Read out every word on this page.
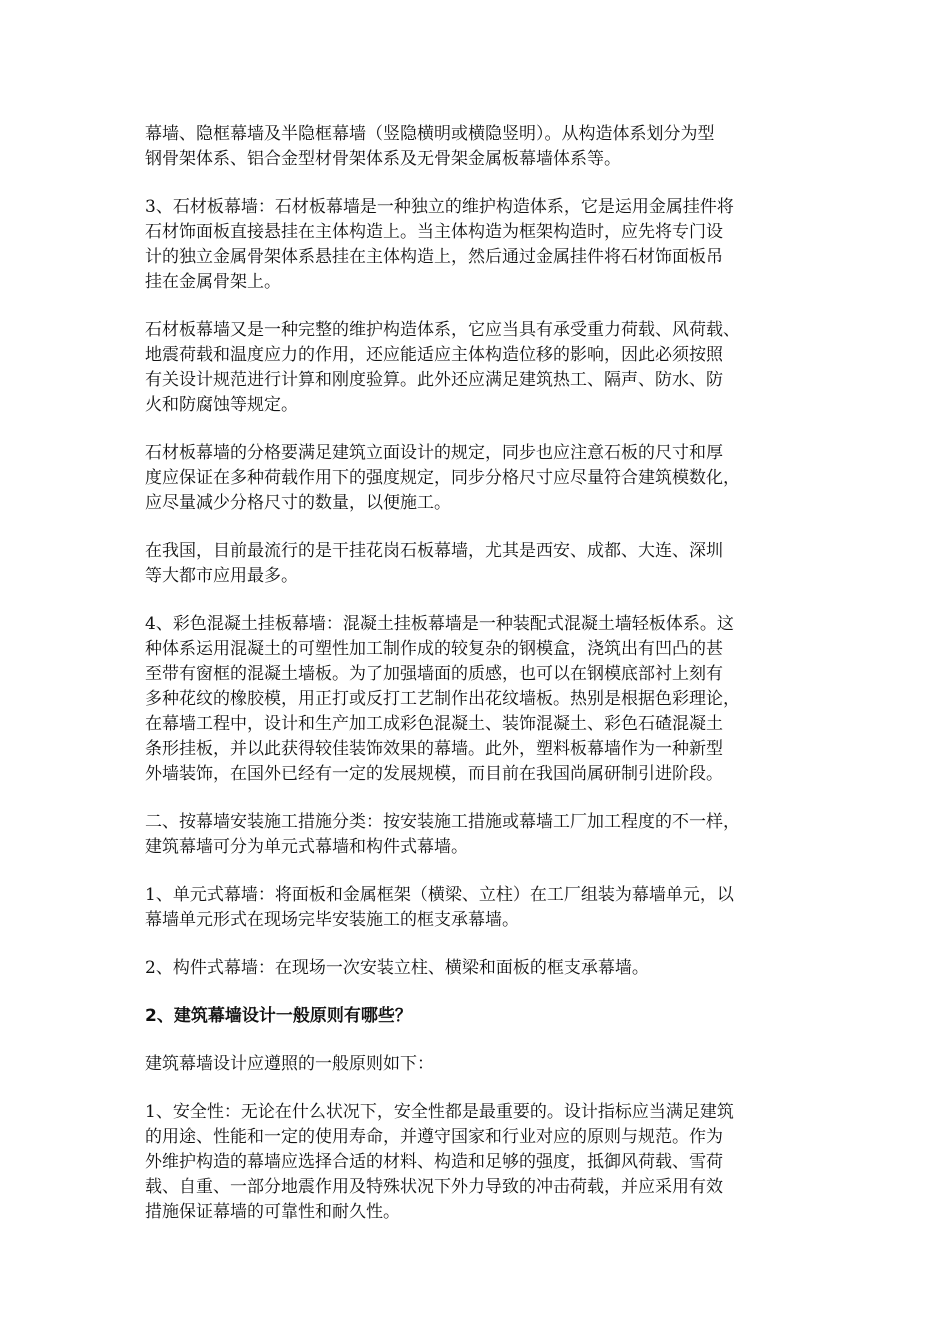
幕墙、隐框幕墙及半隐框幕墙（竖隐横明或横隐竖明）。从构造体系划分为型
钢骨架体系、铝合金型材骨架体系及无骨架金属板幕墙体系等。

3、石材板幕墙：石材板幕墙是一种独立的维护构造体系，它是运用金属挂件将
石材饰面板直接悬挂在主体构造上。当主体构造为框架构造时，应先将专门设
计的独立金属骨架体系悬挂在主体构造上，然后通过金属挂件将石材饰面板吊
挂在金属骨架上。

石材板幕墙又是一种完整的维护构造体系，它应当具有承受重力荷载、风荷载、
地震荷载和温度应力的作用，还应能适应主体构造位移的影响，因此必须按照
有关设计规范进行计算和刚度验算。此外还应满足建筑热工、隔声、防水、防
火和防腐蚀等规定。

石材板幕墙的分格要满足建筑立面设计的规定，同步也应注意石板的尺寸和厚
度应保证在多种荷载作用下的强度规定，同步分格尺寸应尽量符合建筑模数化，
应尽量减少分格尺寸的数量，以便施工。

在我国，目前最流行的是干挂花岗石板幕墙，尤其是西安、成都、大连、深圳
等大都市应用最多。

4、彩色混凝土挂板幕墙：混凝土挂板幕墙是一种装配式混凝土墙轻板体系。这
种体系运用混凝土的可塑性加工制作成的较复杂的钢模盒，浇筑出有凹凸的甚
至带有窗框的混凝土墙板。为了加强墙面的质感，也可以在钢模底部衬上刻有
多种花纹的橡胶模，用正打或反打工艺制作出花纹墙板。热别是根据色彩理论，
在幕墙工程中，设计和生产加工成彩色混凝土、装饰混凝土、彩色石碴混凝土
条形挂板，并以此获得较佳装饰效果的幕墙。此外，塑料板幕墙作为一种新型
外墙装饰，在国外已经有一定的发展规模，而目前在我国尚属研制引进阶段。

二、按幕墙安装施工措施分类：按安装施工措施或幕墙工厂加工程度的不一样，
建筑幕墙可分为单元式幕墙和构件式幕墙。

1、单元式幕墙：将面板和金属框架（横梁、立柱）在工厂组装为幕墙单元，以
幕墙单元形式在现场完毕安装施工的框支承幕墙。

2、构件式幕墙：在现场一次安装立柱、横梁和面板的框支承幕墙。

2、建筑幕墙设计一般原则有哪些？

建筑幕墙设计应遵照的一般原则如下：

1、安全性：无论在什么状况下，安全性都是最重要的。设计指标应当满足建筑
的用途、性能和一定的使用寿命，并遵守国家和行业对应的原则与规范。作为
外维护构造的幕墙应选择合适的材料、构造和足够的强度，抵御风荷载、雪荷
载、自重、一部分地震作用及特殊状况下外力导致的冲击荷载，并应采用有效
措施保证幕墙的可靠性和耐久性。
